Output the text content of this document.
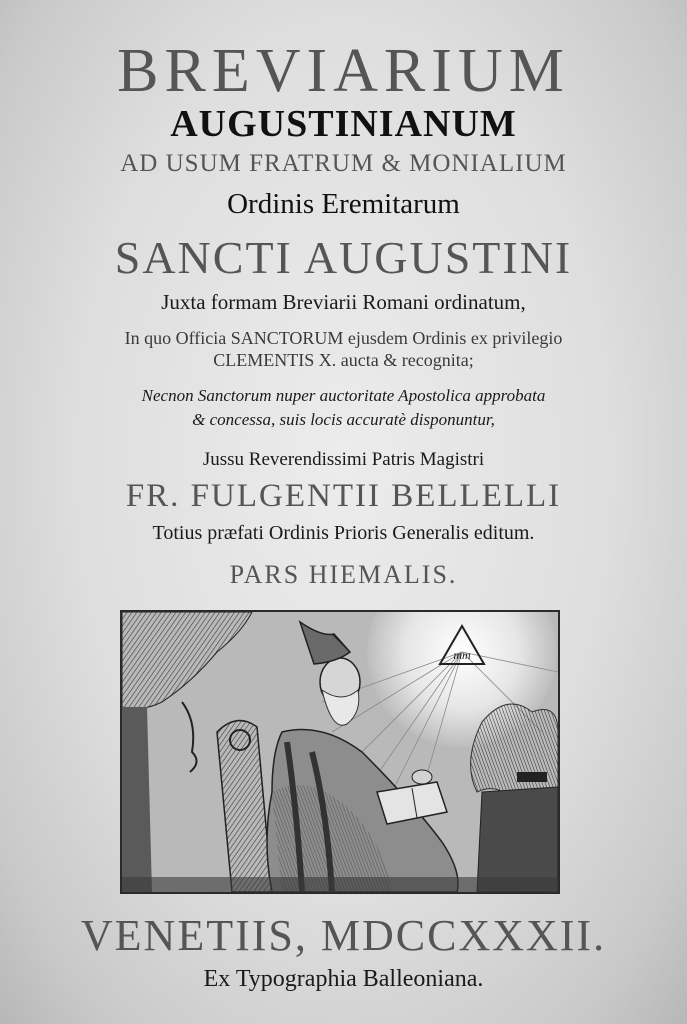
BREVIARIUM
AUGUSTINIANUM
AD USUM FRATRUM & MONIALIUM
Ordinis Eremitarum
SANCTI AUGUSTINI
Juxta formam Breviarii Romani ordinatum,
In quo Officia SANCTORUM ejusdem Ordinis ex privilegio
CLEMENTIS X. aucta & recognita;
Necnon Sanctorum nuper auctoritate Apostolica approbata
& concessa, suis locis accuratè disponuntur,
Jussu Reverendissimi Patris Magistri
FR. FULGENTII BELLELLI
Totius præfati Ordinis Prioris Generalis editum.
PARS HIEMALIS.
mm
VENETIIS, MDCCXXXII.
Ex Typographia Balleoniana.
